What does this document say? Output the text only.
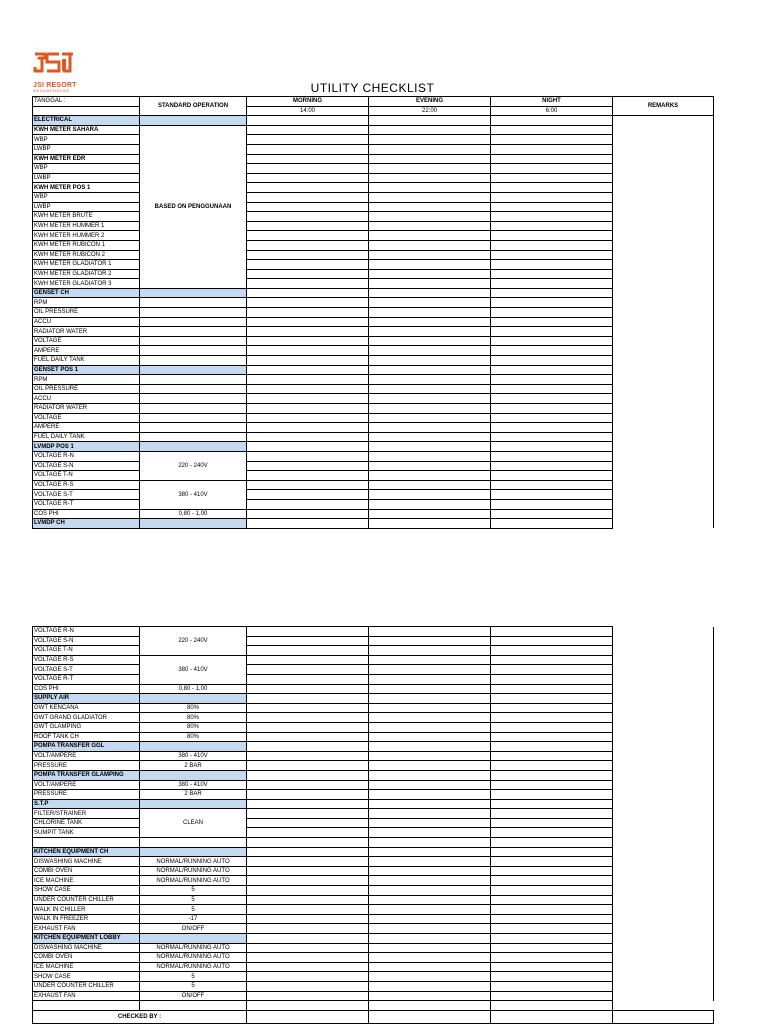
JSI RESORT
MEGAMENDUNG	UTILITY CHECKLIST
TANGGAL :	STANDARD OPERATION	MORNING	EVENING	NIGHT	REMARKS
		14:00	22:00	6:00	
ELECTRICAL					
KWH METER SAHARA	BASED ON PENGGUNAAN				
WBP					
LWBP					
KWH METER EDR					
WBP					
LWBP					
KWH METER POS 1					
WBP					
LWBP					
KWH METER BRUTE					
KWH METER HUMMER 1					
KWH METER HUMMER 2					
KWH METER RUBICON 1					
KWH METER RUBICON 2					
KWH METER GLADIATOR 1					
KWH METER GLADIATOR 2					
KWH METER GLADIATOR 3					
GENSET CH					
RPM					
OIL PRESSURE					
ACCU					
RADIATOR WATER					
VOLTAGE					
AMPERE					
FUEL DAILY TANK					
GENSET POS 1					
RPM					
OIL PRESSURE					
ACCU					
RADIATOR WATER					
VOLTAGE					
AMPERE					
FUEL DAILY TANK					
LVMDP POS 1					
VOLTAGE R-N	220 - 240V				
VOLTAGE S-N					
VOLTAGE T-N					
VOLTAGE R-S	380 - 410V				
VOLTAGE S-T					
VOLTAGE R-T					
COS PHI	0,80 - 1,00				
LVMDP CH					
VOLTAGE R-N	220 - 240V				
VOLTAGE S-N					
VOLTAGE T-N					
VOLTAGE R-S	380 - 410V				
VOLTAGE S-T					
VOLTAGE R-T					
COS PHI	0,80 - 1,00				
SUPPLY AIR					
GWT KENCANA	80%				
GWT GRAND GLADIATOR	80%				
GWT GLAMPING	80%				
ROOF TANK CH	80%				
POMPA TRANSFER GGL					
VOLT/AMPERE	380 - 410V				
PRESSURE	2 BAR				
POMPA TRANSFER GLAMPING					
VOLT/AMPERE	380 - 410V				
PRESSURE	2 BAR				
S.T.P					
FILTER/STRAINER	CLEAN				
CHLORINE TANK					
SUMPIT TANK					

KITCHEN EQUIPMENT CH					
DISWASHING MACHINE	NORMAL/RUNNING AUTO				
COMBI OVEN	NORMAL/RUNNING AUTO				
ICE MACHINE	NORMAL/RUNNING AUTO				
SHOW CASE	5				
UNDER COUNTER CHILLER	5				
WALK IN CHILLER	5				
WALK IN FREEZER	-17				
EXHAUST FAN	ON/OFF				
KITCHEN EQUIPMENT LOBBY					
DISWASHING MACHINE	NORMAL/RUNNING AUTO				
COMBI OVEN	NORMAL/RUNNING AUTO				
ICE MACHINE	NORMAL/RUNNING AUTO				
SHOW CASE	5				
UNDER COUNTER CHILLER	5				
EXHAUST FAN	ON/OFF				

CHECKED BY :					
